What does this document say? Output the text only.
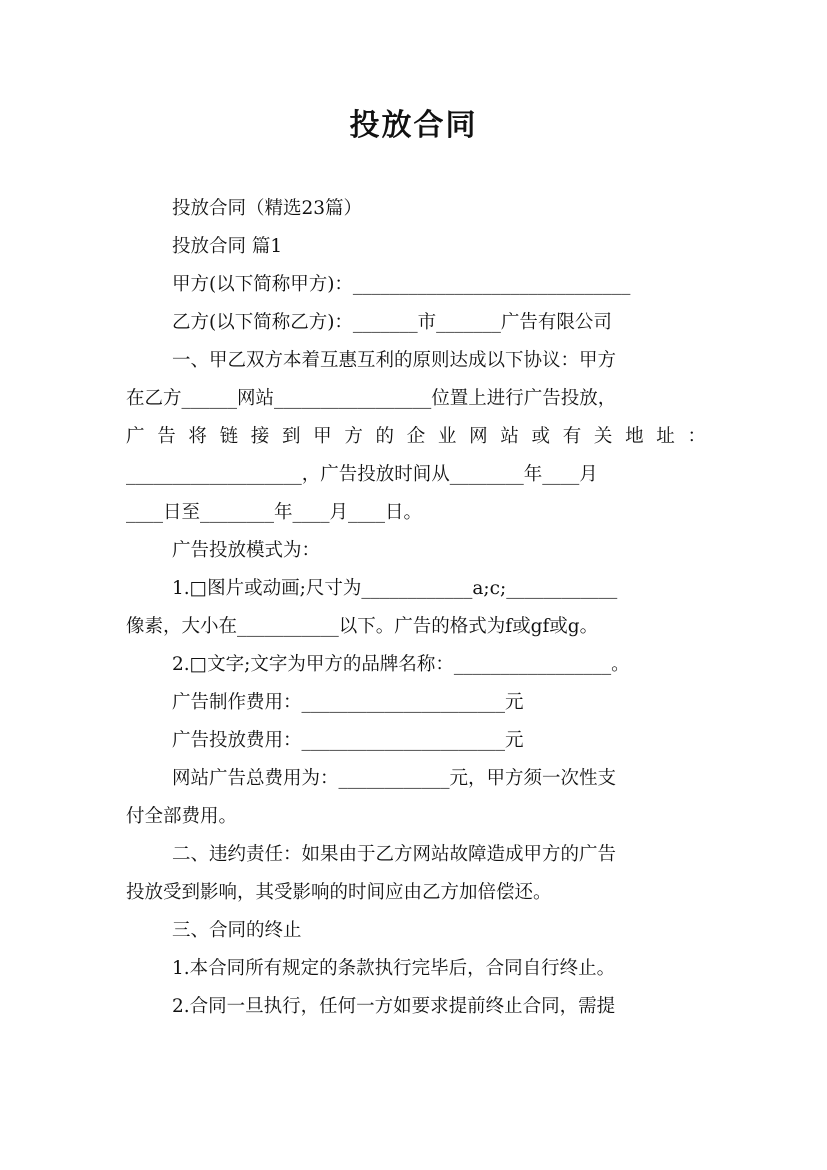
投放合同
投放合同（精选23篇）
投放合同 篇1
甲方(以下简称甲方)：______________________________
乙方(以下简称乙方)：_______市_______广告有限公司
一、甲乙双方本着互惠互利的原则达成以下协议：甲方
在乙方______网站_________________位置上进行广告投放，
广告将链接到甲方的企业网站或有关地址：
___________________，广告投放时间从________年____月
____日至________年____月____日。
广告投放模式为：
1.□图片或动画;尺寸为____________a;c;____________
像素，大小在___________以下。广告的格式为f或gf或g。
2.□文字;文字为甲方的品牌名称：_________________。
广告制作费用：______________________元
广告投放费用：______________________元
网站广告总费用为：____________元，甲方须一次性支
付全部费用。
二、违约责任：如果由于乙方网站故障造成甲方的广告
投放受到影响，其受影响的时间应由乙方加倍偿还。
三、合同的终止
1.本合同所有规定的条款执行完毕后，合同自行终止。
2.合同一旦执行，任何一方如要求提前终止合同，需提
